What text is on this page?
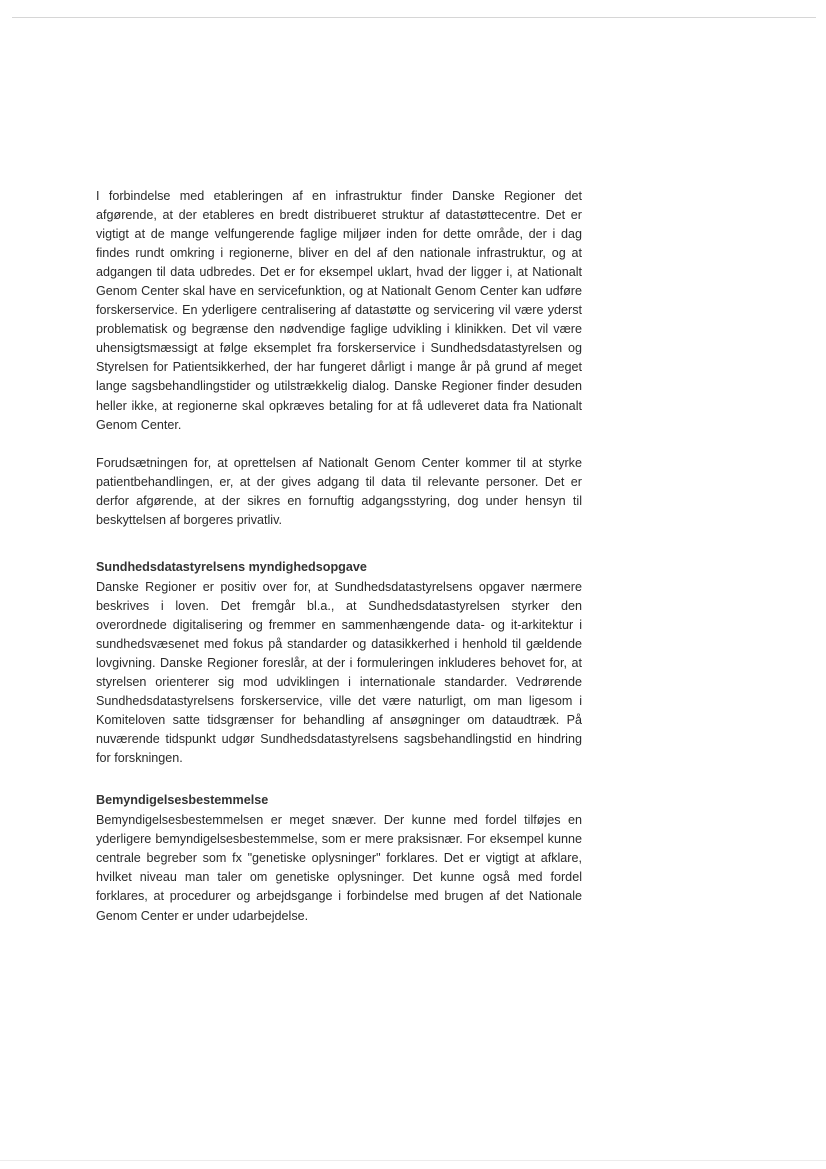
I forbindelse med etableringen af en infrastruktur finder Danske Regioner det afgørende, at der etableres en bredt distribueret struktur af datastøttecentre. Det er vigtigt at de mange velfungerende faglige miljøer inden for dette område, der i dag findes rundt omkring i regionerne, bliver en del af den nationale infrastruktur, og at adgangen til data udbredes. Det er for eksempel uklart, hvad der ligger i, at Nationalt Genom Center skal have en servicefunktion, og at Nationalt Genom Center kan udføre forskerservice. En yderligere centralisering af datastøtte og servicering vil være yderst problematisk og begrænse den nødvendige faglige udvikling i klinikken. Det vil være uhensigtsmæssigt at følge eksemplet fra forskerservice i Sundhedsdatastyrelsen og Styrelsen for Patientsikkerhed, der har fungeret dårligt i mange år på grund af meget lange sagsbehandlingstider og utilstrækkelig dialog. Danske Regioner finder desuden heller ikke, at regionerne skal opkræves betaling for at få udleveret data fra Nationalt Genom Center.

Forudsætningen for, at oprettelsen af Nationalt Genom Center kommer til at styrke patientbehandlingen, er, at der gives adgang til data til relevante personer. Det er derfor afgørende, at der sikres en fornuftig adgangsstyring, dog under hensyn til beskyttelsen af borgeres privatliv.

Sundhedsdatastyrelsens myndighedsopgave

Danske Regioner er positiv over for, at Sundhedsdatastyrelsens opgaver nærmere beskrives i loven. Det fremgår bl.a., at Sundhedsdatastyrelsen styrker den overordnede digitalisering og fremmer en sammenhængende data- og it-arkitektur i sundhedsvæsenet med fokus på standarder og datasikkerhed i henhold til gældende lovgivning. Danske Regioner foreslår, at der i formuleringen inkluderes behovet for, at styrelsen orienterer sig mod udviklingen i internationale standarder. Vedrørende Sundhedsdatastyrelsens forskerservice, ville det være naturligt, om man ligesom i Komiteloven satte tidsgrænser for behandling af ansøgninger om dataudtræk. På nuværende tidspunkt udgør Sundhedsdatastyrelsens sagsbehandlingstid en hindring for forskningen.

Bemyndigelsesbestemmelse

Bemyndigelsesbestemmelsen er meget snæver. Der kunne med fordel tilføjes en yderligere bemyndigelsesbestemmelse, som er mere praksisnær. For eksempel kunne centrale begreber som fx "genetiske oplysninger" forklares. Det er vigtigt at afklare, hvilket niveau man taler om genetiske oplysninger. Det kunne også med fordel forklares, at procedurer og arbejdsgange i forbindelse med brugen af det Nationale Genom Center er under udarbejdelse.
